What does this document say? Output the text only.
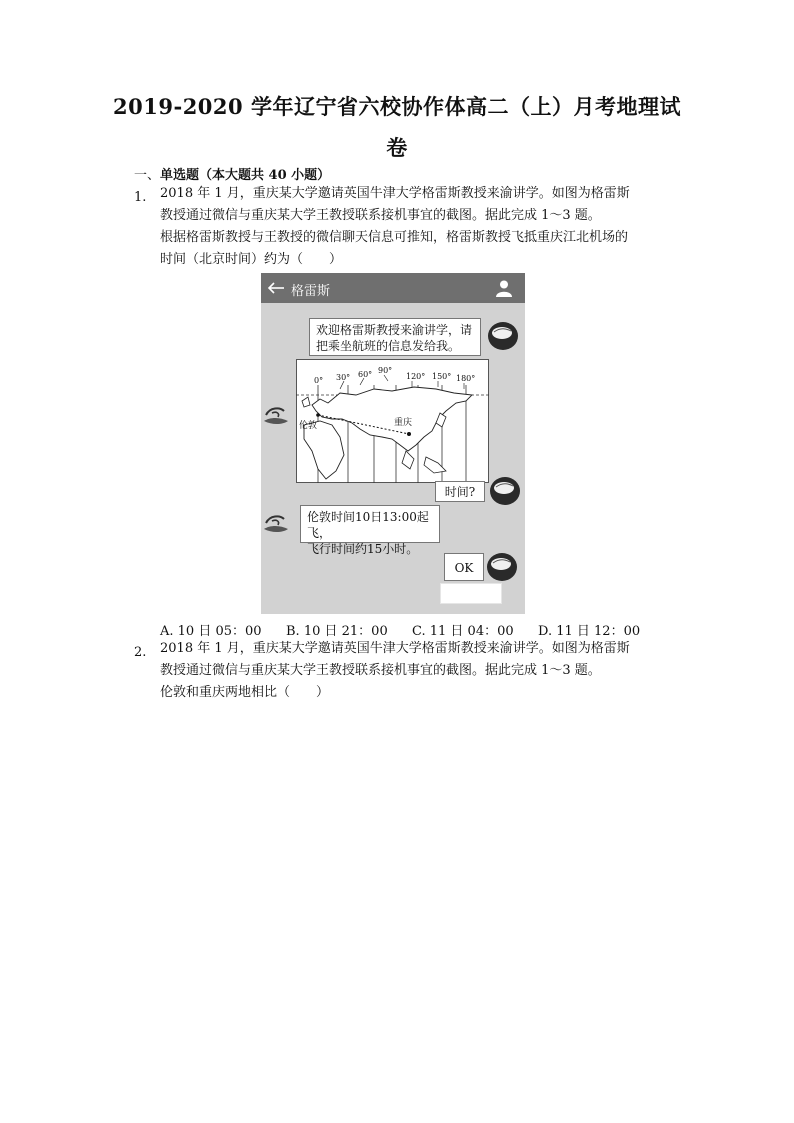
2019-2020 学年辽宁省六校协作体高二（上）月考地理试
卷
一、单选题（本大题共 40 小题）
1. 2018 年 1 月，重庆某大学邀请英国牛津大学格雷斯教授来渝讲学。如图为格雷斯

教授通过微信与重庆某大学王教授联系接机事宜的截图。据此完成 1～3 题。

根据格雷斯教授与王教授的微信聊天信息可推知，格雷斯教授飞抵重庆江北机场的

时间（北京时间）约为（　　）

格雷斯
欢迎格雷斯教授来渝讲学，请
把乘坐航班的信息发给我。
0° 30° 60° 90°
120° 150° 180°
伦敦	重庆
时间?
伦敦时间10日13:00起飞，
飞行时间约15小时。
OK
A. 10 日 05：00	B. 10 日 21：00	C. 11 日 04：00	D. 11 日 12：00
2. 2018 年 1 月，重庆某大学邀请英国牛津大学格雷斯教授来渝讲学。如图为格雷斯

教授通过微信与重庆某大学王教授联系接机事宜的截图。据此完成 1～3 题。

伦敦和重庆两地相比（　　）
